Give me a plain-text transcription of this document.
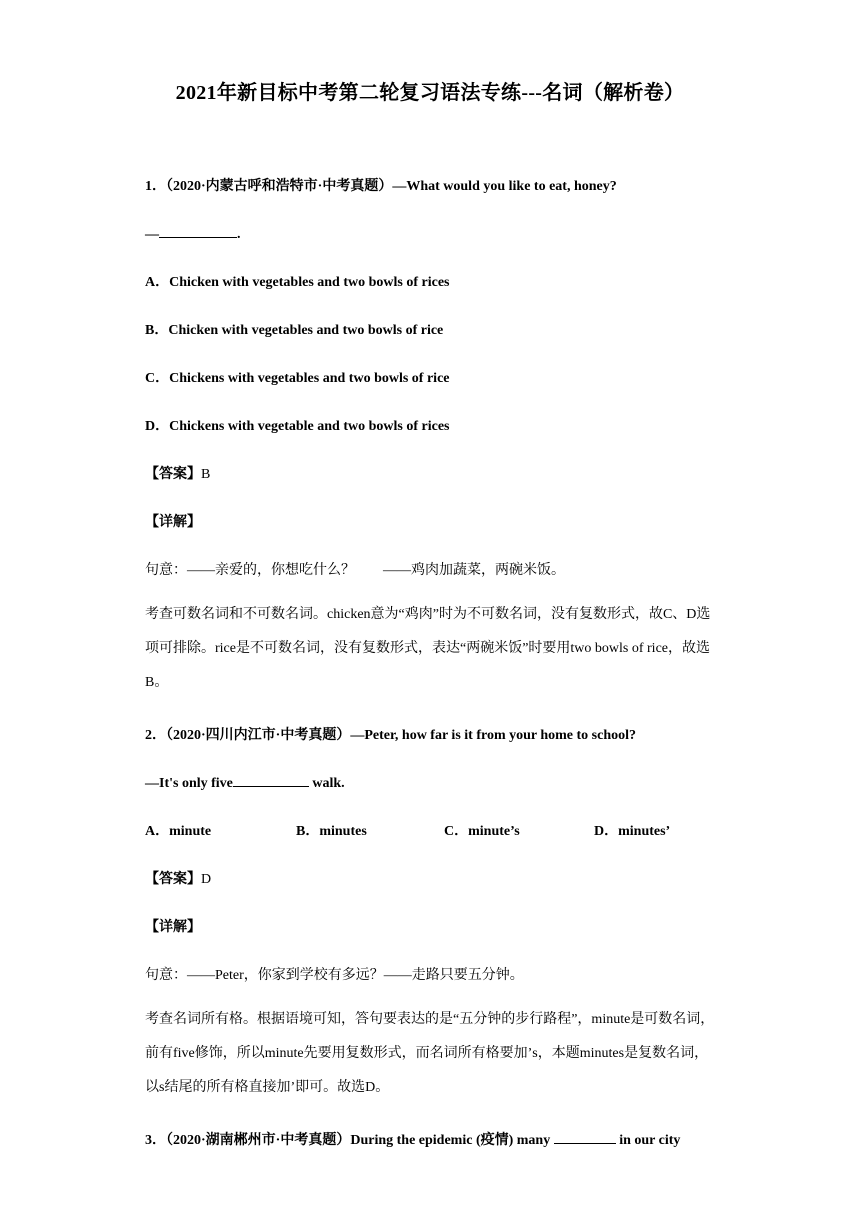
2021年新目标中考第二轮复习语法专练---名词（解析卷）
1．（2020·内蒙古呼和浩特市·中考真题）—What would you like to eat, honey?
—	.
A．Chicken with vegetables and two bowls of rices
B．Chicken with vegetables and two bowls of rice
C．Chickens with vegetables and two bowls of rice
D．Chickens with vegetable and two bowls of rices
【答案】B
【详解】
句意：——亲爱的，你想吃什么？　　——鸡肉加蔬菜，两碗米饭。
考查可数名词和不可数名词。chicken意为“鸡肉”时为不可数名词，没有复数形式，故C、D选项可排除。rice是不可数名词，没有复数形式，表达“两碗米饭”时要用two bowls of rice，故选B。
2．（2020·四川内江市·中考真题）—Peter, how far is it from your home to school?
—It's only five	walk.
A．minute	B．minutes	C．minute’s	D．minutes’
【答案】D
【详解】
句意：——Peter，你家到学校有多远？——走路只要五分钟。
考查名词所有格。根据语境可知，答句要表达的是“五分钟的步行路程”，minute是可数名词，前有five修饰，所以minute先要用复数形式，而名词所有格要加’s，本题minutes是复数名词，以s结尾的所有格直接加’即可。故选D。
3．（2020·湖南郴州市·中考真题）During the epidemic (疫情) many	in our city
